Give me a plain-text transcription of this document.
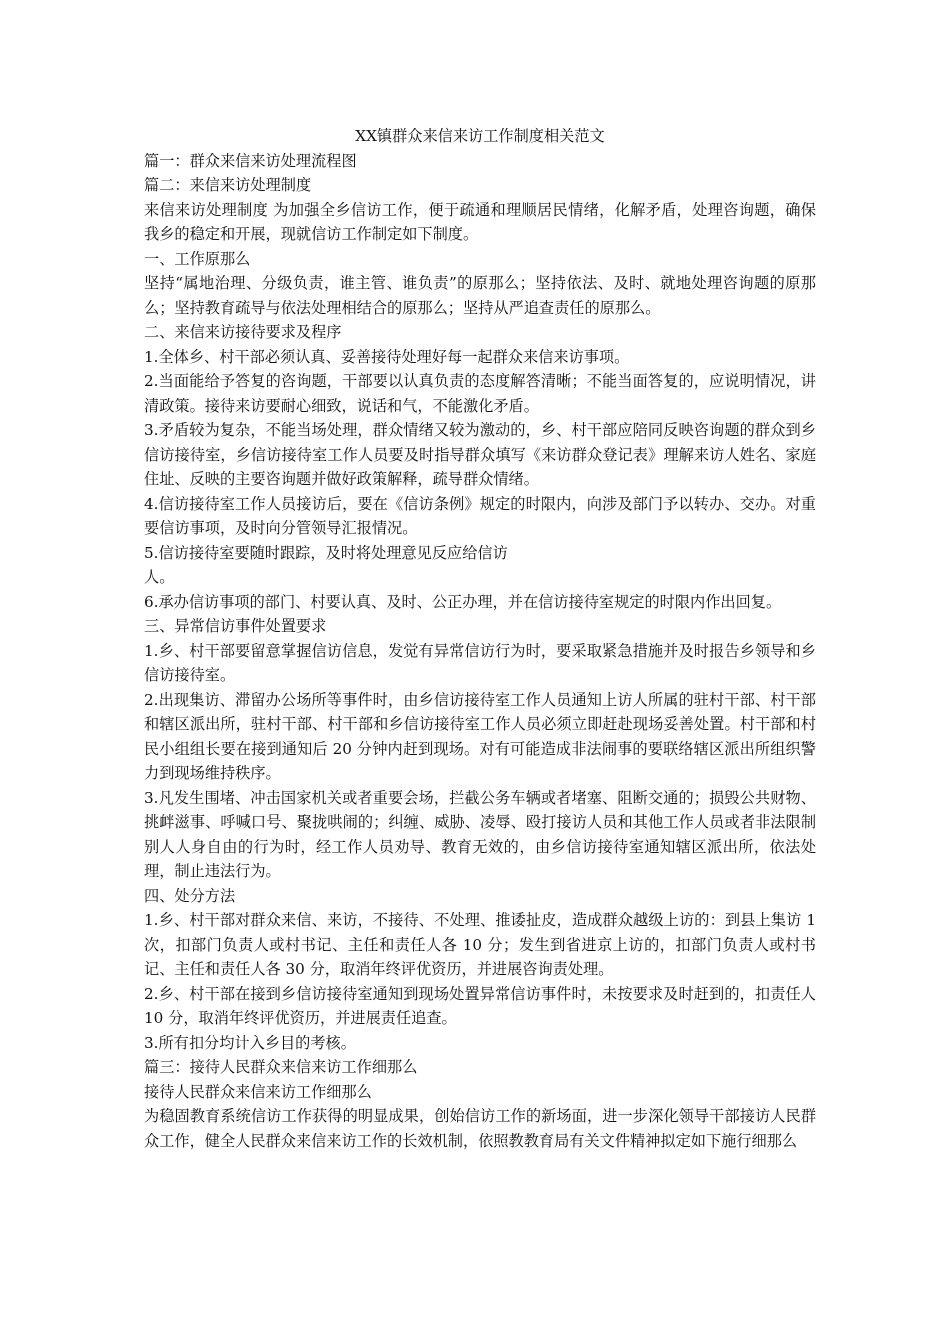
XX镇群众来信来访工作制度相关范文

篇一：群众来信来访处理流程图

篇二：来信来访处理制度

来信来访处理制度 为加强全乡信访工作，便于疏通和理顺居民情绪，化解矛盾，处理咨询题，确保我乡的稳定和开展，现就信访工作制定如下制度。

一、工作原那么

坚持“属地治理、分级负责，谁主管、谁负责”的原那么；坚持依法、及时、就地处理咨询题的原那么；坚持教育疏导与依法处理相结合的原那么；坚持从严追查责任的原那么。

二、来信来访接待要求及程序

1.全体乡、村干部必须认真、妥善接待处理好每一起群众来信来访事项。

2.当面能给予答复的咨询题，干部要以认真负责的态度解答清晰；不能当面答复的，应说明情况，讲清政策。接待来访要耐心细致，说话和气，不能激化矛盾。

3.矛盾较为复杂，不能当场处理，群众情绪又较为激动的，乡、村干部应陪同反映咨询题的群众到乡信访接待室，乡信访接待室工作人员要及时指导群众填写《来访群众登记表》理解来访人姓名、家庭住址、反映的主要咨询题并做好政策解释，疏导群众情绪。

4.信访接待室工作人员接访后，要在《信访条例》规定的时限内，向涉及部门予以转办、交办。对重要信访事项，及时向分管领导汇报情况。

5.信访接待室要随时跟踪，及时将处理意见反应给信访

人。

6.承办信访事项的部门、村要认真、及时、公正办理，并在信访接待室规定的时限内作出回复。

三、异常信访事件处置要求

1.乡、村干部要留意掌握信访信息，发觉有异常信访行为时，要采取紧急措施并及时报告乡领导和乡信访接待室。

2.出现集访、滞留办公场所等事件时，由乡信访接待室工作人员通知上访人所属的驻村干部、村干部和辖区派出所，驻村干部、村干部和乡信访接待室工作人员必须立即赶赴现场妥善处置。村干部和村民小组组长要在接到通知后 20 分钟内赶到现场。对有可能造成非法闹事的要联络辖区派出所组织警力到现场维持秩序。

3.凡发生围堵、冲击国家机关或者重要会场，拦截公务车辆或者堵塞、阻断交通的；损毁公共财物、挑衅滋事、呼喊口号、聚拢哄闹的；纠缠、威胁、凌辱、殴打接访人员和其他工作人员或者非法限制别人人身自由的行为时，经工作人员劝导、教育无效的，由乡信访接待室通知辖区派出所，依法处理，制止违法行为。

四、处分方法

1.乡、村干部对群众来信、来访，不接待、不处理、推诿扯皮，造成群众越级上访的：到县上集访 1 次，扣部门负责人或村书记、主任和责任人各 10 分；发生到省进京上访的，扣部门负责人或村书记、主任和责任人各 30 分，取消年终评优资历，并进展咨询责处理。

2.乡、村干部在接到乡信访接待室通知到现场处置异常信访事件时，未按要求及时赶到的，扣责任人 10 分，取消年终评优资历，并进展责任追查。

3.所有扣分均计入乡目的考核。

篇三：接待人民群众来信来访工作细那么

接待人民群众来信来访工作细那么

为稳固教育系统信访工作获得的明显成果，创始信访工作的新场面，进一步深化领导干部接访人民群众工作，健全人民群众来信来访工作的长效机制，依照教教育局有关文件精神拟定如下施行细那么
